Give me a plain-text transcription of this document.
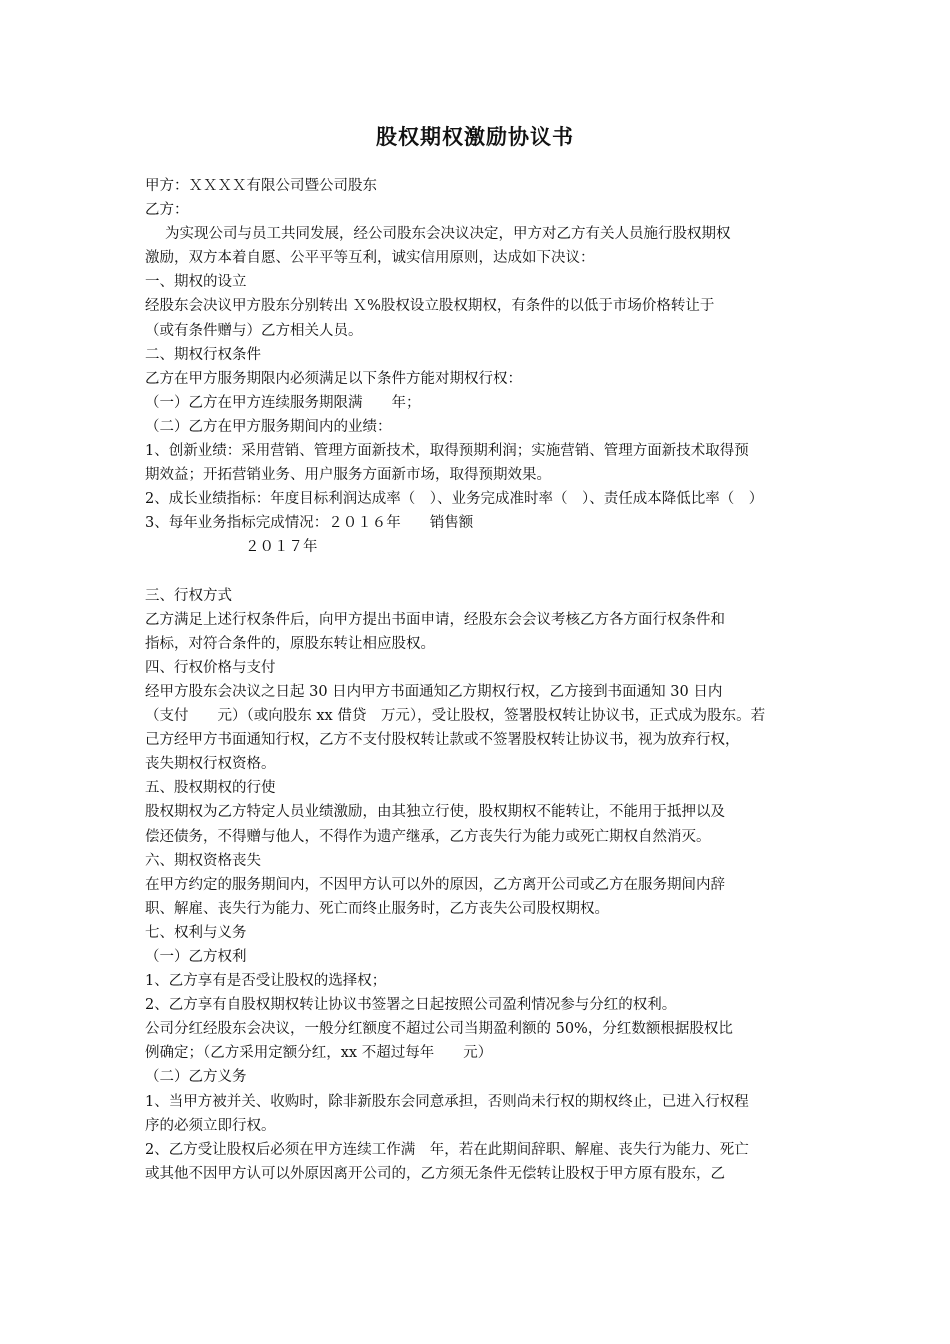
股权期权激励协议书

甲方：ＸＸＸＸ有限公司暨公司股东

乙方：

为实现公司与员工共同发展，经公司股东会决议决定，甲方对乙方有关人员施行股权期权

激励，双方本着自愿、公平平等互利，诚实信用原则，达成如下决议：

一、期权的设立

经股东会决议甲方股东分别转出 Ｘ%股权设立股权期权，有条件的以低于市场价格转让于

（或有条件赠与）乙方相关人员。

二、期权行权条件

乙方在甲方服务期限内必须满足以下条件方能对期权行权：

（一）乙方在甲方连续服务期限满　　年；

（二）乙方在甲方服务期间内的业绩：

1、创新业绩：采用营销、管理方面新技术，取得预期利润；实施营销、管理方面新技术取得预

期效益；开拓营销业务、用户服务方面新市场，取得预期效果。

2、成长业绩指标：年度目标利润达成率（　）、业务完成准时率（　）、责任成本降低比率（　）

3、每年业务指标完成情况：２０１６年　　销售额

２０１７年

三、行权方式

乙方满足上述行权条件后，向甲方提出书面申请，经股东会会议考核乙方各方面行权条件和

指标，对符合条件的，原股东转让相应股权。

四、行权价格与支付

经甲方股东会决议之日起 30 日内甲方书面通知乙方期权行权，乙方接到书面通知 30 日内

（支付　　元）（或向股东 xx 借贷　万元），受让股权，签署股权转让协议书，正式成为股东。若

己方经甲方书面通知行权，乙方不支付股权转让款或不签署股权转让协议书，视为放弃行权，

丧失期权行权资格。

五、股权期权的行使

股权期权为乙方特定人员业绩激励，由其独立行使，股权期权不能转让，不能用于抵押以及

偿还债务，不得赠与他人，不得作为遗产继承，乙方丧失行为能力或死亡期权自然消灭。

六、期权资格丧失

在甲方约定的服务期间内，不因甲方认可以外的原因，乙方离开公司或乙方在服务期间内辞

职、解雇、丧失行为能力、死亡而终止服务时，乙方丧失公司股权期权。

七、权利与义务

（一）乙方权利

1、乙方享有是否受让股权的选择权；

2、乙方享有自股权期权转让协议书签署之日起按照公司盈利情况参与分红的权利。

公司分红经股东会决议，一般分红额度不超过公司当期盈利额的 50%，分红数额根据股权比

例确定；（乙方采用定额分红，xx 不超过每年　　元）

（二）乙方义务

1、当甲方被并关、收购时，除非新股东会同意承担，否则尚未行权的期权终止，已进入行权程

序的必须立即行权。

2、乙方受让股权后必须在甲方连续工作满　年，若在此期间辞职、解雇、丧失行为能力、死亡

或其他不因甲方认可以外原因离开公司的，乙方须无条件无偿转让股权于甲方原有股东，乙
